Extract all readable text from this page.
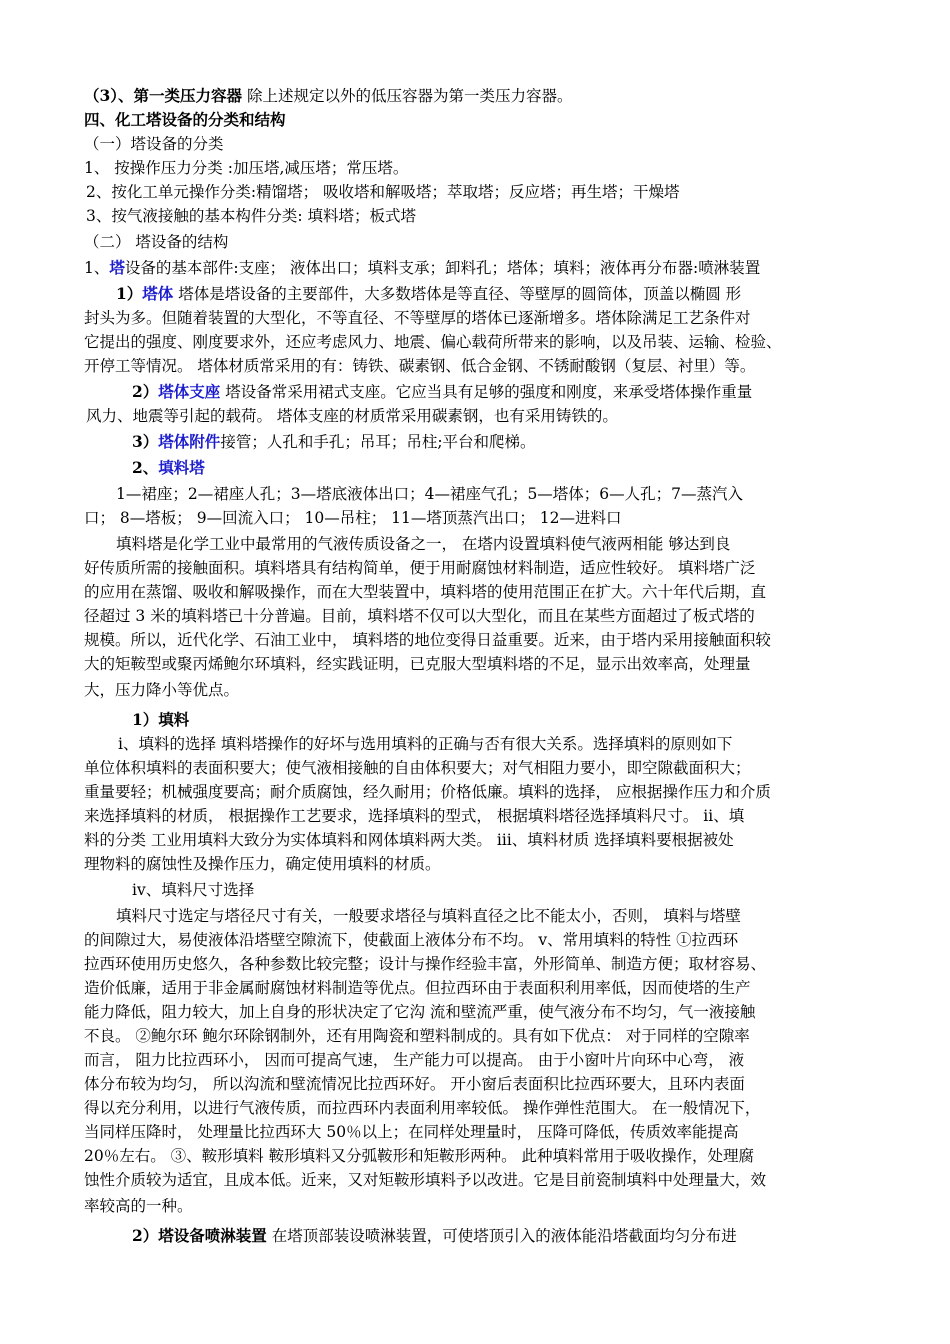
（3）、第一类压力容器 除上述规定以外的低压容器为第一类压力容器。
四、化工塔设备的分类和结构
（一）塔设备的分类
1、 按操作压力分类 :加压塔,减压塔；常压塔。
2、按化工单元操作分类:精馏塔； 吸收塔和解吸塔；萃取塔；反应塔；再生塔；干燥塔
3、按气液接触的基本构件分类: 填料塔；板式塔
（二） 塔设备的结构
1、塔设备的基本部件:支座； 液体出口；填料支承；卸料孔；塔体；填料；液体再分布器:喷淋装置
1）塔体 塔体是塔设备的主要部件，大多数塔体是等直径、等壁厚的圆筒体，顶盖以椭圆 形
封头为多。但随着装置的大型化，不等直径、不等壁厚的塔体已逐渐增多。塔体除满足工艺条件对
它提出的强度、刚度要求外，还应考虑风力、地震、偏心载荷所带来的影响，以及吊装、运输、检验、
开停工等情况。 塔体材质常采用的有：铸铁、碳素钢、低合金钢、不锈耐酸钢（复层、衬里）等。
2）塔体支座 塔设备常采用裙式支座。它应当具有足够的强度和刚度，来承受塔体操作重量
风力、地震等引起的载荷。 塔体支座的材质常采用碳素钢，也有采用铸铁的。
3）塔体附件接管；人孔和手孔；吊耳；吊柱;平台和爬梯。
2、填料塔
1—裙座；2—裙座人孔；3—塔底液体出口；4—裙座气孔；5—塔体；6—人孔；7—蒸汽入
口； 8—塔板； 9—回流入口； 10—吊柱； 11—塔顶蒸汽出口； 12—进料口
填料塔是化学工业中最常用的气液传质设备之一， 在塔内设置填料使气液两相能 够达到良
好传质所需的接触面积。填料塔具有结构简单，便于用耐腐蚀材料制造，适应性较好。 填料塔广泛
的应用在蒸馏、吸收和解吸操作，而在大型装置中，填料塔的使用范围正在扩大。六十年代后期，直
径超过 3 米的填料塔已十分普遍。目前，填料塔不仅可以大型化，而且在某些方面超过了板式塔的
规模。所以，近代化学、石油工业中， 填料塔的地位变得日益重要。近来，由于塔内采用接触面积较
大的矩鞍型或聚丙烯鲍尔环填料，经实践证明，已克服大型填料塔的不足，显示出效率高，处理量
大，压力降小等优点。
1）填料
ⅰ、填料的选择 填料塔操作的好坏与选用填料的正确与否有很大关系。选择填料的原则如下
单位体积填料的表面积要大；使气液相接触的自由体积要大；对气相阻力要小，即空隙截面积大；
重量要轻；机械强度要高；耐介质腐蚀，经久耐用；价格低廉。填料的选择， 应根据操作压力和介质
来选择填料的材质， 根据操作工艺要求，选择填料的型式， 根据填料塔径选择填料尺寸。 ⅱ、填
料的分类 工业用填料大致分为实体填料和网体填料两大类。 ⅲ、填料材质 选择填料要根据被处
理物料的腐蚀性及操作压力，确定使用填料的材质。
ⅳ、填料尺寸选择
填料尺寸选定与塔径尺寸有关，一般要求塔径与填料直径之比不能太小，否则， 填料与塔壁
的间隙过大，易使液体沿塔壁空隙流下，使截面上液体分布不均。 ⅴ、常用填料的特性 ①拉西环
拉西环使用历史悠久，各种参数比较完整；设计与操作经验丰富，外形简单、制造方便；取材容易、
造价低廉，适用于非金属耐腐蚀材料制造等优点。但拉西环由于表面积利用率低，因而使塔的生产
能力降低，阻力较大，加上自身的形状决定了它沟 流和壁流严重，使气液分布不均匀，气一液接触
不良。 ②鲍尔环 鲍尔环除钢制外，还有用陶瓷和塑料制成的。具有如下优点： 对于同样的空隙率
而言， 阻力比拉西环小， 因而可提高气速， 生产能力可以提高。 由于小窗叶片向环中心弯， 液
体分布较为均匀， 所以沟流和壁流情况比拉西环好。 开小窗后表面积比拉西环要大，且环内表面
得以充分利用，以进行气液传质，而拉西环内表面利用率较低。 操作弹性范围大。 在一般情况下，
当同样压降时， 处理量比拉西环大 50％以上；在同样处理量时， 压降可降低，传质效率能提高
20％左右。 ③、鞍形填料 鞍形填料又分弧鞍形和矩鞍形两种。 此种填料常用于吸收操作，处理腐
蚀性介质较为适宜，且成本低。近来，又对矩鞍形填料予以改进。它是目前瓷制填料中处理量大，效
率较高的一种。
2）塔设备喷淋装置 在塔顶部装设喷淋装置，可使塔顶引入的液体能沿塔截面均匀分布进
